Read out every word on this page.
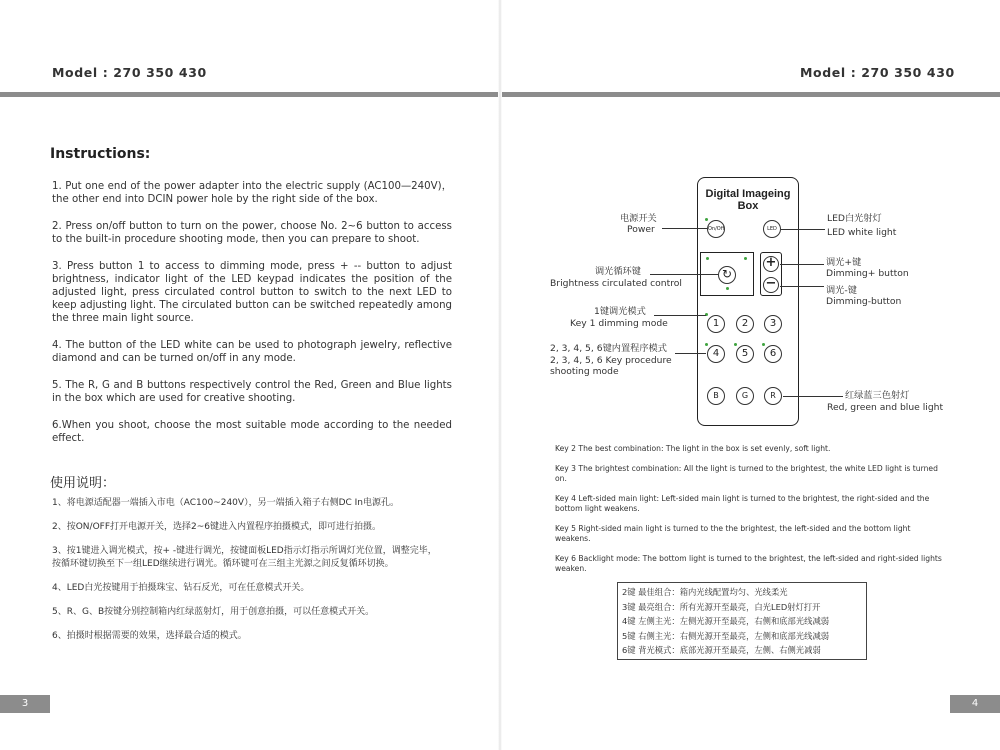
Model : 270 350 430
Instructions:

1. Put one end of the power adapter into the electric supply (AC100—240V)，the other end into DCIN power hole by the right side of the box.

2. Press on/off button to turn on the power, choose No. 2~6 button to access to the built-in procedure shooting mode, then you can prepare to shoot.

3. Press button 1 to access to dimming mode, press + -- button to adjust brightness, indicator light of the LED keypad indicates the position of the adjusted light, press circulated control button to switch to the next LED to keep adjusting light. The circulated button can be switched repeatedly among the three main light source.

4. The button of the LED white can be used to photograph jewelry, reflective diamond and can be turned on/off in any mode.

5. The R, G and B buttons respectively control the Red, Green and Blue lights in the box which are used for creative shooting.

6.When you shoot, choose the most suitable mode according to the needed effect.

使用说明：

1、将电源适配器一端插入市电（AC100~240V），另一端插入箱子右侧DC In电源孔。

2、按ON/OFF打开电源开关，选择2~6键进入内置程序拍摄模式，即可进行拍摄。

3、按1键进入调光模式，按+ -键进行调光，按键面板LED指示灯指示所调灯光位置，调整完毕，
按循环键切换至下一组LED继续进行调光。循环键可在三组主光源之间反复循环切换。

4、LED白光按键用于拍摄珠宝、钻石反光，可在任意模式开关。

5、R、G、B按键分别控制箱内红绿蓝射灯，用于创意拍摄，可以任意模式开关。

6、拍摄时根据需要的效果，选择最合适的模式。

3
Model : 270 350 430
Digital Imageing Box
On/Off	LED
↻
+
−
1	2	3
4	5	6
B	G	R
电源开关
Power
LED白光射灯
LED white light
调光循环键
Brightness circulated control
调光+键
Dimming+ button
调光-键
Dimming-button
1键调光模式
Key 1 dimming mode
2, 3, 4, 5, 6键内置程序模式
2, 3, 4, 5, 6 Key procedure
shooting mode
红绿蓝三色射灯
Red, green and blue light

Key 2 The best combination: The light in the box is set evenly, soft light.

Key 3 The brightest combination: All the light is turned to the brightest, the white LED light is turned on.

Key 4 Left-sided main light: Left-sided main light is turned to the brightest, the right-sided and the bottom light weakens.

Key 5 Right-sided main light is turned to the the brightest, the left-sided and the bottom light weakens.

Key 6 Backlight mode: The bottom light is turned to the brightest, the left-sided and right-sided lights weaken.

2键 最佳组合：箱内光线配置均匀、光线柔光
3键 最亮组合：所有光源开至最亮，白光LED射灯打开
4键 左侧主光：左侧光源开至最亮，右侧和底部光线减弱
5键 右侧主光：右侧光源开至最亮，左侧和底部光线减弱
6键 背光模式：底部光源开至最亮，左侧、右侧光减弱
4
